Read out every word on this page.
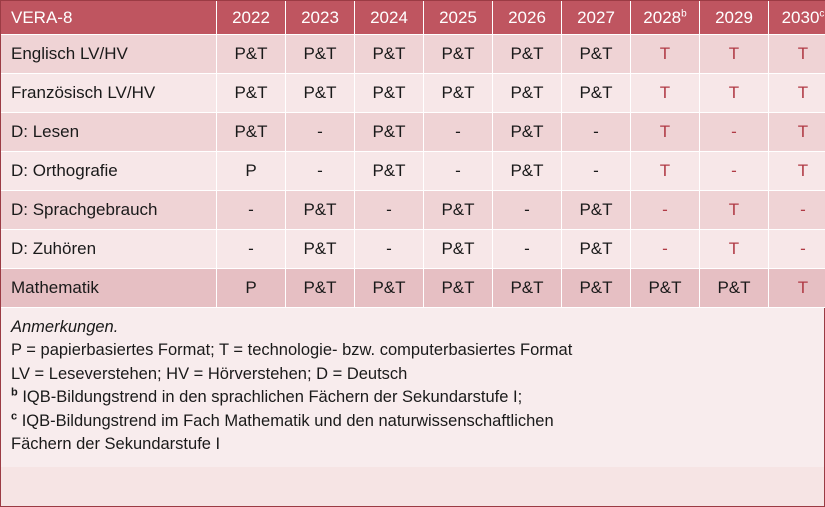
VERA-8	2022	2023	2024	2025	2026	2027	2028$^b$	2029	2030$^c$
Englisch LV/HV	P&T	P&T	P&T	P&T	P&T	P&T	T	T	T
Französisch LV/HV	P&T	P&T	P&T	P&T	P&T	P&T	T	T	T
D: Lesen	P&T	-	P&T	-	P&T	-	T	-	T
D: Orthografie	P	-	P&T	-	P&T	-	T	-	T
D: Sprachgebrauch	-	P&T	-	P&T	-	P&T	-	T	-
D: Zuhören	-	P&T	-	P&T	-	P&T	-	T	-
Mathematik	P	P&T	P&T	P&T	P&T	P&T	P&T	P&T	T

Anmerkungen.

P = papierbasiertes Format; T = technologie- bzw. computerbasiertes Format

LV = Leseverstehen; HV = Hörverstehen; D = Deutsch

$^b$ IQB-Bildungstrend in den sprachlichen Fächern der Sekundarstufe I;

$^c$ IQB-Bildungstrend im Fach Mathematik und den naturwissenschaftlichen

Fächern der Sekundarstufe I
